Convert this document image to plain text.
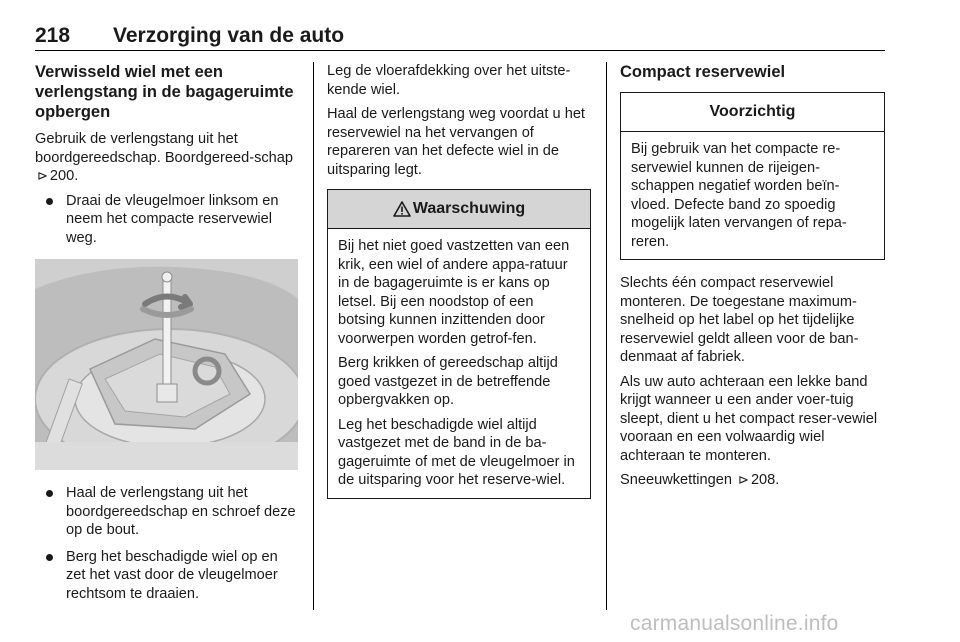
218 Verzorging van de auto
Verwisseld wiel met een verlengstang in de bagageruimte opbergen

Gebruik de verlengstang uit het boordgereedschap. Boordgereed-schap ⊳ 200.

Draai de vleugelmoer linksom en neem het compacte reservewiel weg.
Haal de verlengstang uit het boordgereedschap en schroef deze op de bout.
Berg het beschadigde wiel op en zet het vast door de vleugelmoer rechtsom te draaien.

Leg de vloerafdekking over het uitste-kende wiel.

Haal de verlengstang weg voordat u het reservewiel na het vervangen of repareren van het defecte wiel in de uitsparing legt.

Waarschuwing

Bij het niet goed vastzetten van een krik, een wiel of andere appa-ratuur in de bagageruimte is er kans op letsel. Bij een noodstop of een botsing kunnen inzittenden door voorwerpen worden getrof-fen.

Berg krikken of gereedschap altijd goed vastgezet in de betreffende opbergvakken op.

Leg het beschadigde wiel altijd vastgezet met de band in de ba-gageruimte of met de vleugelmoer in de uitsparing voor het reserve-wiel.

Compact reservewiel
Voorzichtig

Bij gebruik van het compacte re-servewiel kunnen de rijeigen-schappen negatief worden beïn-vloed. Defecte band zo spoedig mogelijk laten vervangen of repa-reren.

Slechts één compact reservewiel monteren. De toegestane maximum-snelheid op het label op het tijdelijke reservewiel geldt alleen voor de ban-denmaat af fabriek.

Als uw auto achteraan een lekke band krijgt wanneer u een ander voer-tuig sleept, dient u het compact reser-vewiel vooraan en een volwaardig wiel achteraan te monteren.

Sneeuwkettingen ⊳ 208.

carmanualsonline.info
